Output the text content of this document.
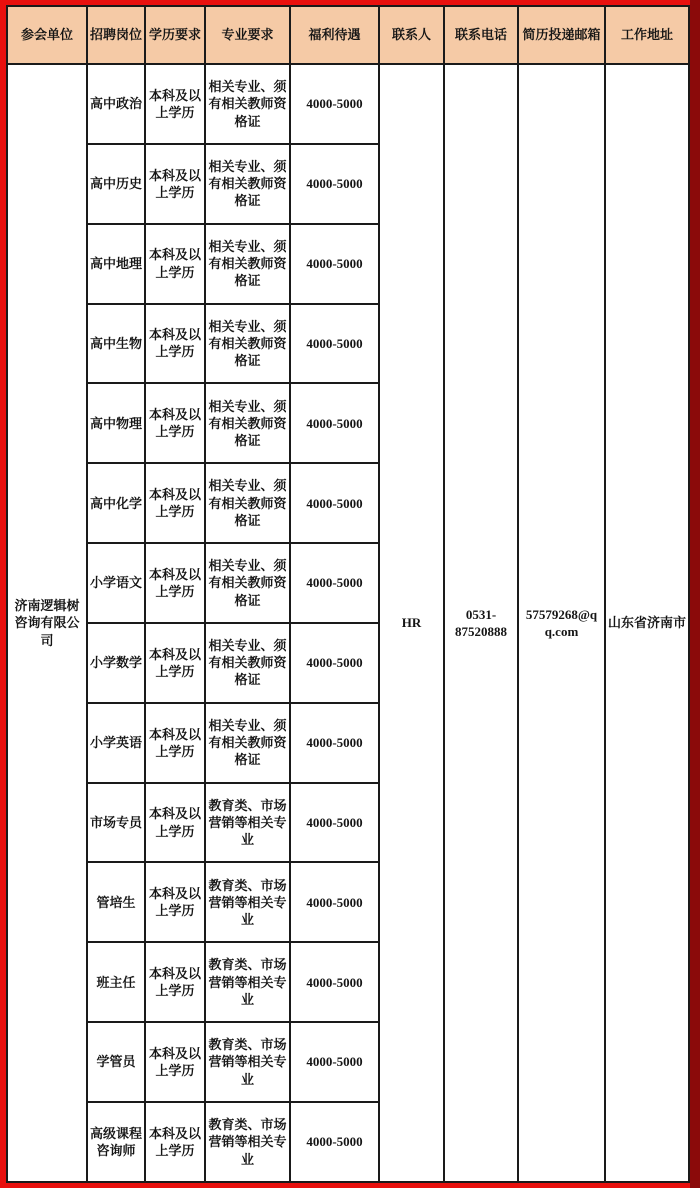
参会单位	招聘岗位	学历要求	专业要求	福利待遇	联系人	联系电话	简历投递邮箱	工作地址
济南逻辑树咨询有限公司	高中政治	本科及以上学历	相关专业、须有相关教师资格证	4000-5000	HR	0531-87520888	57579268@qq.com	山东省济南市
	高中历史	本科及以上学历	相关专业、须有相关教师资格证	4000-5000				
	高中地理	本科及以上学历	相关专业、须有相关教师资格证	4000-5000				
	高中生物	本科及以上学历	相关专业、须有相关教师资格证	4000-5000				
	高中物理	本科及以上学历	相关专业、须有相关教师资格证	4000-5000				
	高中化学	本科及以上学历	相关专业、须有相关教师资格证	4000-5000				
	小学语文	本科及以上学历	相关专业、须有相关教师资格证	4000-5000				
	小学数学	本科及以上学历	相关专业、须有相关教师资格证	4000-5000				
	小学英语	本科及以上学历	相关专业、须有相关教师资格证	4000-5000				
	市场专员	本科及以上学历	教育类、市场营销等相关专业	4000-5000				
	管培生	本科及以上学历	教育类、市场营销等相关专业	4000-5000				
	班主任	本科及以上学历	教育类、市场营销等相关专业	4000-5000				
	学管员	本科及以上学历	教育类、市场营销等相关专业	4000-5000				
	高级课程咨询师	本科及以上学历	教育类、市场营销等相关专业	4000-5000				
